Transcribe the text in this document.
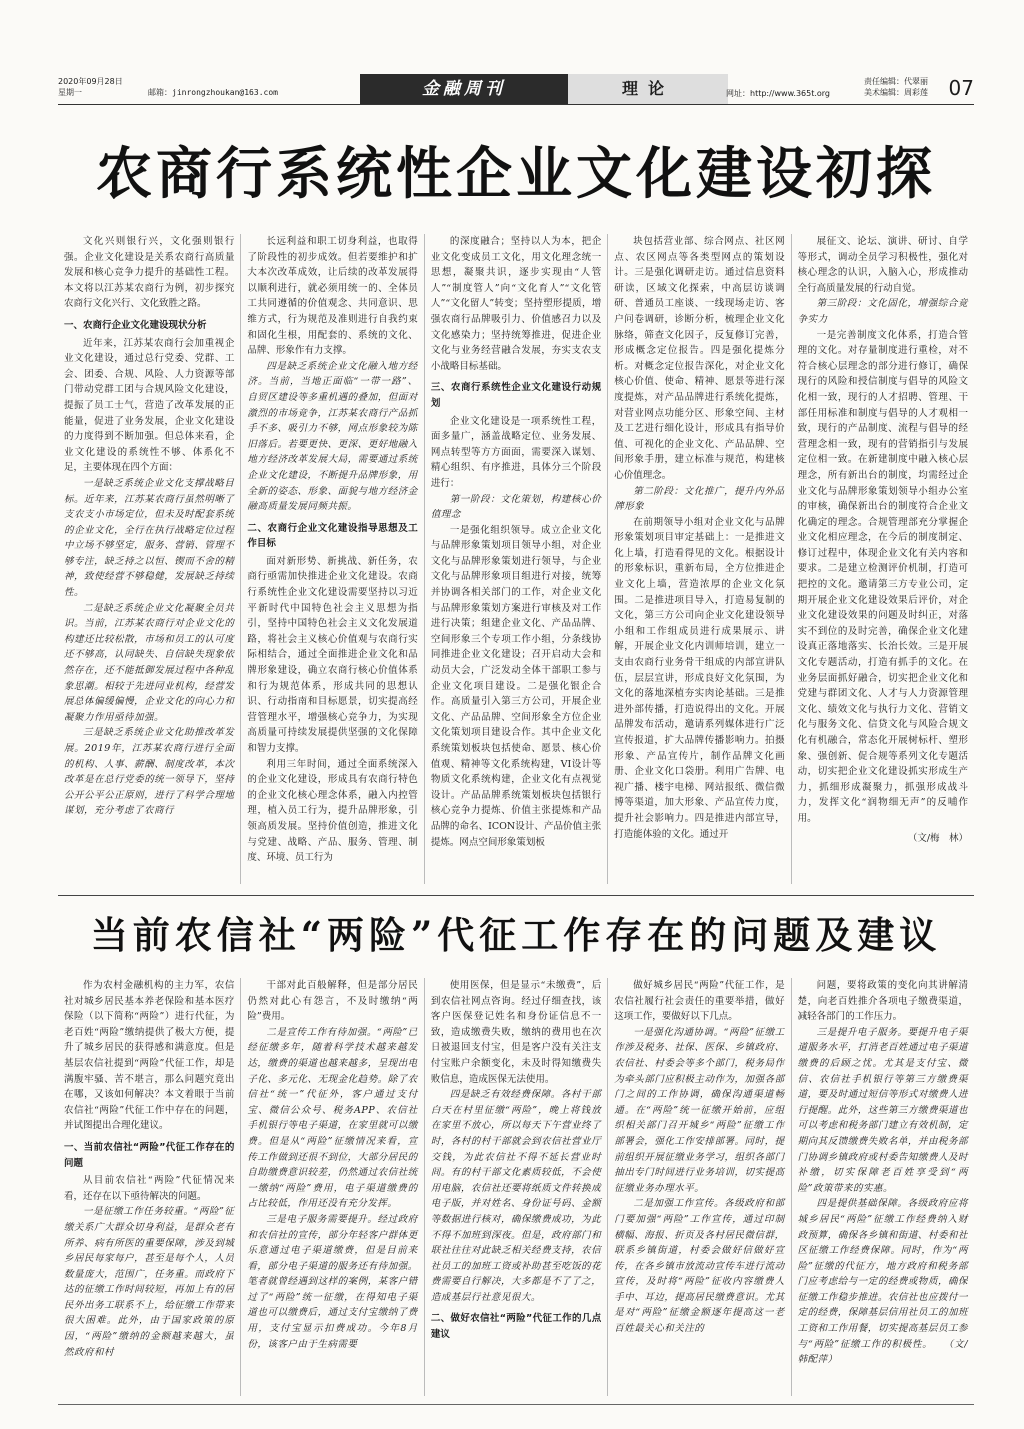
2020年09月28日
星期一	邮箱：jinrongzhoukan@163.com	金融周刊	理论	网址：http://www.365t.org
责任编辑：代翠丽
美术编辑：周彩莲 07
农商行系统性企业文化建设初探

文化兴则银行兴，文化强则银行强。企业文化建设是关系农商行高质量发展和核心竞争力提升的基础性工程。本文将以江苏某农商行为例，初步探究农商行文化兴行、文化致胜之路。

一、农商行企业文化建设现状分析

近年来，江苏某农商行会加重视企业文化建设，通过总行党委、党群、工会、团委、合规、风险、人力资源等部门带动党群工团与合规风险文化建设，提振了员工士气，营造了改革发展的正能量，促进了业务发展，企业文化建设的力度得到不断加强。但总体来看，企业文化建设的系统性不够、体系化不足，主要体现在四个方面：

一是缺乏系统企业文化支撑战略目标。近年来，江苏某农商行虽然明晰了支农支小市场定位，但未及时配套系统的企业文化，全行在执行战略定位过程中立场不够坚定，服务、营销、管理不够专注，缺乏持之以恒、锲而不舍的精神，致使经营不够稳健，发展缺乏持续性。

二是缺乏系统企业文化凝聚全员共识。当前，江苏某农商行对企业文化的构建还比较松散，市场和员工的认可度还不够高，认同缺失、自信缺失现象依然存在，还不能抵御发展过程中各种乱象思潮。相较于先进同业机构，经营发展总体偏缓偏慢，企业文化的向心力和凝聚力作用亟待加强。

三是缺乏系统企业文化助推改革发展。2019年，江苏某农商行进行全面的机构、人事、薪酬、制度改革，本次改革是在总行党委的统一领导下，坚持公开公平公正原则，进行了科学合理地谋划，充分考虑了农商行

长远利益和职工切身利益，也取得了阶段性的初步成效。但若要维护和扩大本次改革成效，让后续的改革发展得以顺利进行，就必须用统一的、全体员工共同遵循的价值观念、共同意识、思维方式，行为规范及准则进行自我约束和固化生根，用配套的、系统的文化、品牌、形象作有力支撑。

四是缺乏系统企业文化融入地方经济。当前，当地正面临“一带一路”、自贸区建设等多重机遇的叠加，但面对激烈的市场竞争，江苏某农商行产品抓手不多、吸引力不够，网点形象较为陈旧落后。若要更快、更深、更好地融入地方经济改革发展大局，需要通过系统企业文化建设，不断提升品牌形象，用全新的姿态、形象、面貌与地方经济金融高质量发展同频共振。

二、农商行企业文化建设指导思想及工作目标

面对新形势、新挑战、新任务，农商行亟需加快推进企业文化建设。农商行系统性企业文化建设需要坚持以习近平新时代中国特色社会主义思想为指引，坚持中国特色社会主义文化发展道路，将社会主义核心价值观与农商行实际相结合，通过全面推进企业文化和品牌形象建设，确立农商行核心价值体系和行为规范体系，形成共同的思想认识、行动指南和目标愿景，切实提高经营管理水平，增强核心竞争力，为实现高质量可持续发展提供坚强的文化保障和智力支撑。

利用三年时间，通过全面系统深入的企业文化建设，形成具有农商行特色的企业文化核心理念体系，融入内控管理，植入员工行为，提升品牌形象，引领高质发展。坚持价值创造，推进文化与党建、战略、产品、服务、管理、制度、环境、员工行为

的深度融合；坚持以人为本，把企业文化变成员工文化，用文化理念统一思想，凝聚共识，逐步实现由“人管人”“制度管人”向“文化育人”“文化管人”“文化留人”转变；坚持塑形提质，增强农商行品牌吸引力、价值感召力以及文化感染力；坚持统筹推进，促进企业文化与业务经营融合发展，夯实支农支小战略目标基础。

三、农商行系统性企业文化建设行动规划

企业文化建设是一项系统性工程，面多量广，涵盖战略定位、业务发展、网点转型等方方面面，需要深入谋划、精心组织、有序推进，具体分三个阶段进行：

第一阶段：文化策划，构建核心价值理念

一是强化组织领导。成立企业文化与品牌形象策划项目领导小组，对企业文化与品牌形象策划进行领导，与企业文化与品牌形象项目组进行对接，统筹并协调各相关部门的工作，对企业文化与品牌形象策划方案进行审核及对工作进行决策；组建企业文化、产品品牌、空间形象三个专项工作小组，分条线协同推进企业文化建设；召开启动大会和动员大会，广泛发动全体干部职工参与企业文化项目建设。二是强化银企合作。高质量引入第三方公司，开展企业文化、产品品牌、空间形象全方位企业文化策划项目建设合作。其中企业文化系统策划板块包括使命、愿景、核心价值观、精神等文化系统构建，VI设计等物质文化系统构建，企业文化有点视觉设计。产品品牌系统策划板块包括银行核心竞争力提炼、价值主张提炼和产品品牌的命名、ICON设计、产品价值主张提炼。网点空间形象策划板

块包括营业部、综合网点、社区网点、农区网点等各类型网点的策划设计。三是强化调研走访。通过信息资料研读，区域文化探索，中高层访谈调研、普通员工座谈、一线现场走访、客户问卷调研，诊断分析，梳理企业文化脉络，筛查文化因子，反复修订完善，形成概念定位报告。四是强化提炼分析。对概念定位报告深化，对企业文化核心价值、使命、精神、愿景等进行深度提炼，对产品品牌进行系统化提炼，对营业网点功能分区、形象空间、主材及工艺进行细化设计，形成具有指导价值、可视化的企业文化、产品品牌、空间形象手册，建立标准与规范，构建核心价值理念。

第二阶段：文化推广，提升内外品牌形象

在前期领导小组对企业文化与品牌形象策划项目审定基础上：一是推进文化上墙，打造看得见的文化。根据设计的形象标识，重新布局，全方位推进企业文化上墙，营造浓厚的企业文化氛围。二是推进项目导入，打造易复制的文化，第三方公司向企业文化建设领导小组和工作组成员进行成果展示、讲解，开展企业文化内训师培训，建立一支由农商行业务骨干组成的内部宣讲队伍，层层宣讲，形成良好文化氛围，为文化的落地深植夯实肉论基础。三是推进外部传播，打造说得出的文化。开展品牌发布活动，邀请系列媒体进行广泛宣传报道，扩大品牌传播影响力。拍摄形象、产品宣传片，制作品牌文化画册、企业文化口袋册。利用广告牌、电视广播、楼宇电梯、网站报纸、微信微博等渠道，加大形象、产品宣传力度，提升社会影响力。四是推进内部宣导，打造能体验的文化。通过开

展征文、论坛、演讲、研讨、自学等形式，调动全员学习积极性，强化对核心理念的认识，入脑入心，形成推动全行高质量发展的行动自觉。

第三阶段：文化固化，增强综合竞争实力

一是完善制度文化体系，打造合管理的文化。对存量制度进行重检，对不符合核心层理念的部分进行修订，确保现行的风险和授信制度与倡导的风险文化相一致，现行的人才招聘、管理、干部任用标准和制度与倡导的人才观相一致，现行的产品制度、流程与倡导的经营理念相一致，现有的营销指引与发展定位相一致。在新建制度中融入核心层理念，所有新出台的制度，均需经过企业文化与品牌形象策划领导小组办公室的审核，确保新出台的制度符合企业文化确定的理念。合规管理部充分掌握企业文化相应理念，在今后的制度制定、修订过程中，体现企业文化有关内容和要求。二是建立检测评价机制，打造可把控的文化。邀请第三方专业公司，定期开展企业文化建设效果后评价，对企业文化建设效果的问题及时纠正，对落实不到位的及时完善，确保企业文化建设真正落地落实、长治长效。三是开展文化专题活动，打造有抓手的文化。在业务层面抓好融合，切实把企业文化和党建与群团文化、人才与人力资源管理文化、绩效文化与执行力文化、营销文化与服务文化、信贷文化与风险合规文化有机融合，常态化开展树标杆、塑形象、强创新、促合规等系列文化专题活动，切实把企业文化建设抓实形成生产力，抓细形成凝聚力，抓强形成战斗力，发挥文化“润物细无声”的反哺作用。

（文/梅　林）

当前农信社“两险”代征工作存在的问题及建议

作为农村金融机构的主力军，农信社对城乡居民基本养老保险和基本医疗保险（以下简称“两险”）进行代征，为老百姓“两险”缴纳提供了极大方便，提升了城乡居民的获得感和满意度。但是基层农信社提到“两险”代征工作，却是满腹牢骚、苦不堪言，那么问题究竟出在哪，又该如何解决？本文着眼于当前农信社“两险”代征工作中存在的问题，并试图提出合理化建议。

一、当前农信社“两险”代征工作存在的问题

从目前农信社“两险”代征情况来看，还存在以下亟待解决的问题。

一是征缴工作任务较重。“两险”征缴关系广大群众切身利益，是群众老有所养、病有所医的重要保障，涉及到城乡居民每家每户，甚至是每个人，人员数量庞大，范围广，任务重。而政府下达的征缴工作时间较短，再加上有的居民外出务工联系不上，给征缴工作带来很大困难。此外，由于国家政策的原因，“两险”缴纳的金额越来越大，虽然政府和村

干部对此百般解释，但是部分居民仍然对此心有怨言，不及时缴纳“两险”费用。

二是宣传工作有待加强。“两险”已经征缴多年，随着科学技术越来越发达，缴费的渠道也越来越多，呈现出电子化、多元化、无现金化趋势。除了农信社“统一”代征外，客户通过支付宝、微信公众号、税务APP、农信社手机银行等电子渠道，在家里就可以缴费。但是从“两险”征缴情况来看，宣传工作做到还很不到位，大部分居民的自助缴费意识较差，仍然通过农信社统一缴纳“两险”费用，电子渠道缴费的占比较低，作用还没有充分发挥。

三是电子服务需要提升。经过政府和农信社的宣传，部分年轻客户群体更乐意通过电子渠道缴费，但是目前来看，部分电子渠道的服务还有待加强。笔者就曾经遇到这样的案例，某客户错过了“两险”统一征缴，在得知电子渠道也可以缴费后，通过支付宝缴纳了费用，支付宝显示扣费成功。今年8月份，该客户由于生病需要

使用医保，但是显示“未缴费”，后到农信社网点咨询。经过仔细查找，该客户医保登记姓名和身份证信息不一致，造成缴费失败，缴纳的费用也在次日被退回支付宝，但是客户没有关注支付宝账户余额变化，未及时得知缴费失败信息，造成医保无法使用。

四是缺乏有效经费保障。各村干部白天在村里征缴“两险”，晚上将钱放在家里不放心，所以每天下午营业终了时，各村的村干部就会到农信社营业厅交钱，为此农信社不得不延长营业时间。有的村干部文化素质较低，不会使用电脑，农信社还要将纸质文件转换成电子版，并对姓名、身份证号码、金额等数据进行核对，确保缴费成功，为此不得不加班到深夜。但是，政府部门和联社往往对此缺乏相关经费支持，农信社员工的加班工资或补助甚至吃饭的花费需要自行解决，大多都是不了了之，造成基层行社意见很大。

二、做好农信社“两险”代征工作的几点建议

做好城乡居民“两险”代征工作，是农信社履行社会责任的重要举措，做好这项工作，要做好以下几点。

一是强化沟通协调。“两险”征缴工作涉及税务、社保、医保、乡镇政府、农信社、村委会等多个部门，税务局作为牵头部门应积极主动作为，加强各部门之间的工作协调，确保沟通渠道畅通。在“两险”统一征缴开始前，应组织相关部门召开城乡“两险”征缴工作部署会，强化工作安排部署。同时，提前组织开展征缴业务学习，组织各部门抽出专门时间进行业务培训，切实提高征缴业务办理水平。

二是加强工作宣传。各级政府和部门要加强“两险”工作宣传，通过印制横幅、海报、折页及各村居民微信群，联系乡镇街道，村委会做好信做好宣传，在各乡镇市放流动宣传车进行流动宣传，及时将“两险”征收内容缴费人手中、耳边，提高居民缴费意识。尤其是对“两险”征缴金额逐年提高这一老百姓最关心和关注的

问题，要将政策的变化向其讲解清楚，向老百姓推介各项电子缴费渠道，减轻各部门的工作压力。

三是提升电子服务。要提升电子渠道服务水平，打消老百姓通过电子渠道缴费的后顾之忧。尤其是支付宝、微信、农信社手机银行等第三方缴费渠道，要及时通过短信等形式对缴费人进行提醒。此外，这些第三方缴费渠道也可以考虑和税务部门建立有效机制，定期向其反馈缴费失败名单，并由税务部门协调乡镇政府或村委告知缴费人及时补缴，切实保障老百姓享受到“两险”政策带来的实惠。

四是提供基础保障。各级政府应将城乡居民“两险”征缴工作经费纳入财政预算，确保各乡镇和街道、村委和社区征缴工作经费保障。同时，作为“两险”征缴的代征方，地方政府和税务部门应考虑给与一定的经费或物质，确保征缴工作稳步推进。农信社也应拨付一定的经费，保障基层信用社员工的加班工资和工作用餐，切实提高基层员工参与“两险”征缴工作的积极性。　　（文/韩配萍）
